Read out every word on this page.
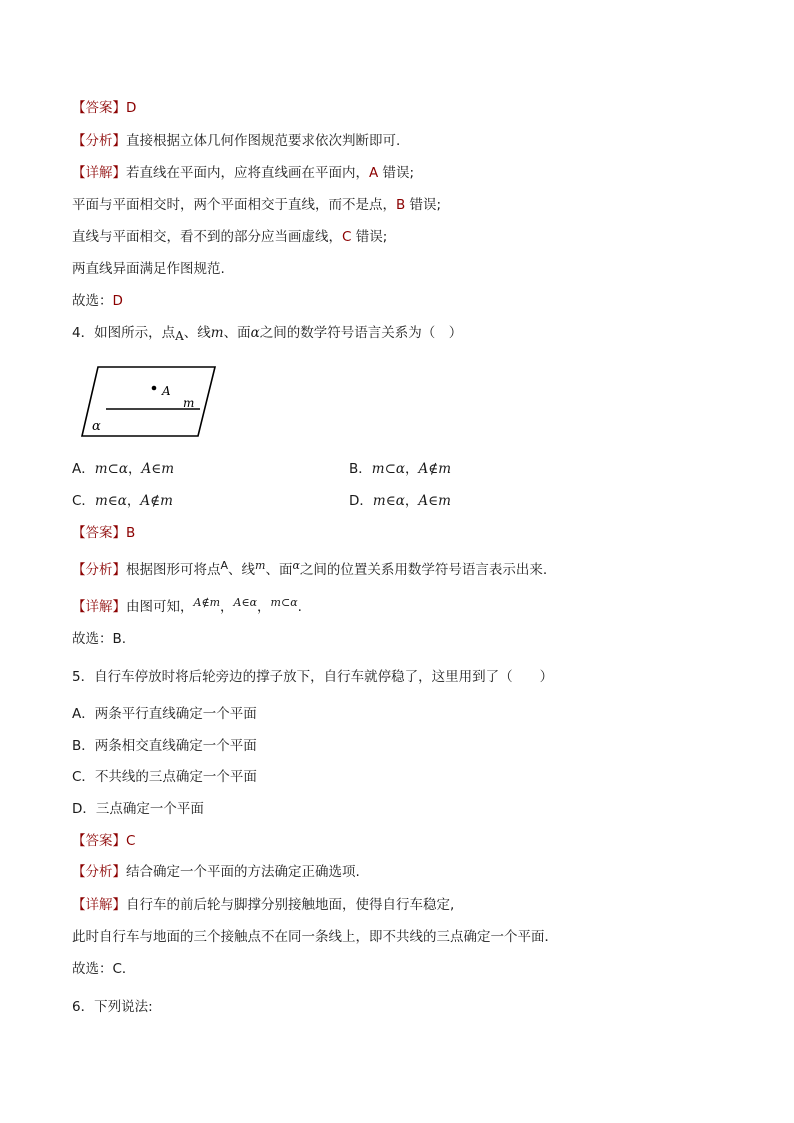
【答案】D
【分析】直接根据立体几何作图规范要求依次判断即可.
【详解】若直线在平面内，应将直线画在平面内，A 错误;
平面与平面相交时，两个平面相交于直线，而不是点，B 错误;
直线与平面相交，看不到的部分应当画虚线，C 错误;
两直线异面满足作图规范.
故选：D
4．如图所示，点A、线m、面α之间的数学符号语言关系为（　）
A
m
α
A．m⊂α，A∈m	B．m⊂α，A∉m
C．m∈α，A∉m	D．m∈α，A∈m
【答案】B
【分析】根据图形可将点$^A$、线$^m$、面$^\alpha$之间的位置关系用数学符号语言表示出来.
【详解】由图可知，$^{A\notin m}$，$^{A\in\alpha}$，$^{m\subset\alpha}$.
故选：B.
5．自行车停放时将后轮旁边的撑子放下，自行车就停稳了，这里用到了（　　）
A．两条平行直线确定一个平面
B．两条相交直线确定一个平面
C．不共线的三点确定一个平面
D．三点确定一个平面
【答案】C
【分析】结合确定一个平面的方法确定正确选项.
【详解】自行车的前后轮与脚撑分别接触地面，使得自行车稳定,
此时自行车与地面的三个接触点不在同一条线上，即不共线的三点确定一个平面．
故选：C．
6．下列说法:
